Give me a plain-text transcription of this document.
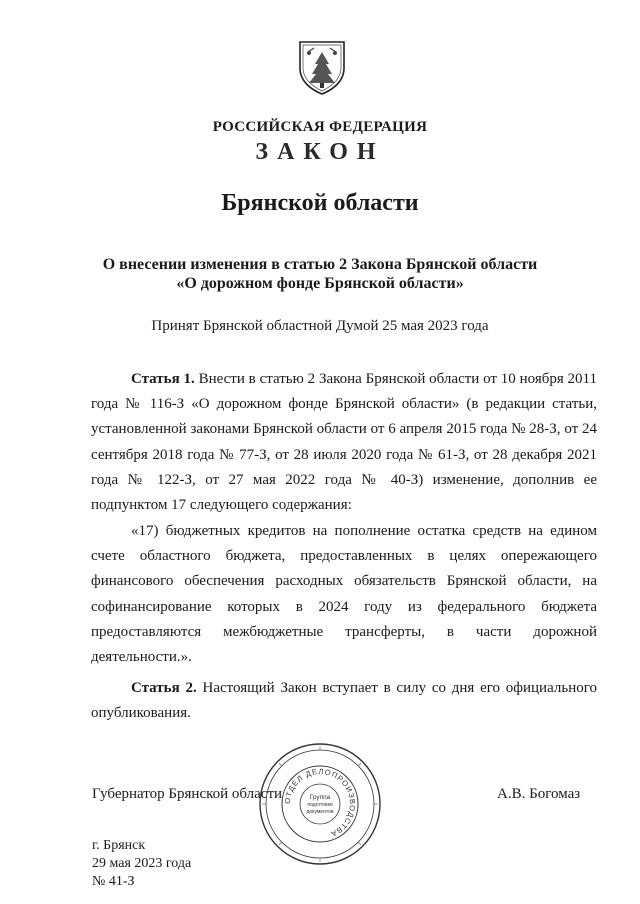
РОССИЙСКАЯ ФЕДЕРАЦИЯ
ЗАКОН
Брянской области
О внесении изменения в статью 2 Закона Брянской области
«О дорожном фонде Брянской области»
Принят Брянской областной Думой 25 мая 2023 года

Статья 1. Внести в статью 2 Закона Брянской области от 10 ноября 2011 года № 116-З «О дорожном фонде Брянской области» (в редакции статьи, установленной законами Брянской области от 6 апреля 2015 года № 28-З, от 24 сентября 2018 года № 77-З, от 28 июля 2020 года № 61-З, от 28 декабря 2021 года № 122-З, от 27 мая 2022 года № 40-З) изменение, дополнив ее подпунктом 17 следующего содержания:

«17) бюджетных кредитов на пополнение остатка средств на едином счете областного бюджета, предоставленных в целях опережающего финансового обеспечения расходных обязательств Брянской области, на софинансирование которых в 2024 году из федерального бюджета предоставляются межбюджетные трансферты, в части дорожной деятельности.».

Статья 2. Настоящий Закон вступает в силу со дня его официального опубликования.

Губернатор Брянской области	А.В. Богомаз
ОТДЕЛ ДЕЛОПРОИЗВОДСТВА
Группа
подготовки
документов
г. Брянск
29 мая 2023 года
№ 41-З
